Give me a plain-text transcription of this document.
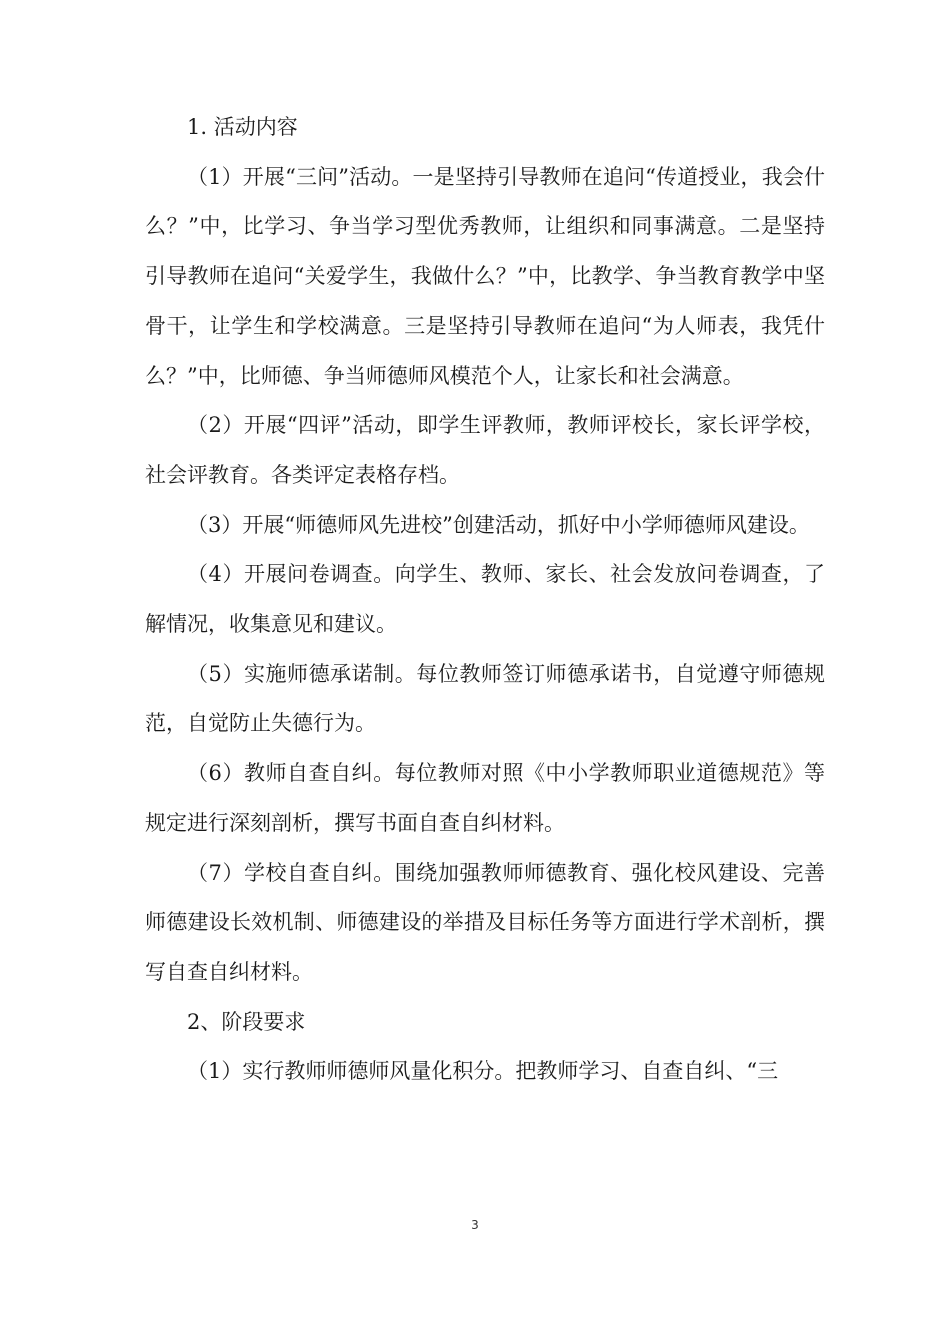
1. 活动内容

（1）开展“三问”活动。一是坚持引导教师在追问“传道授业，我会什么？”中，比学习、争当学习型优秀教师，让组织和同事满意。二是坚持引导教师在追问“关爱学生，我做什么？”中，比教学、争当教育教学中坚骨干，让学生和学校满意。三是坚持引导教师在追问“为人师表，我凭什么？”中，比师德、争当师德师风模范个人，让家长和社会满意。

（2）开展“四评”活动，即学生评教师，教师评校长，家长评学校，社会评教育。各类评定表格存档。

（3）开展“师德师风先进校”创建活动，抓好中小学师德师风建设。

（4）开展问卷调查。向学生、教师、家长、社会发放问卷调查，了解情况，收集意见和建议。

（5）实施师德承诺制。每位教师签订师德承诺书，自觉遵守师德规范，自觉防止失德行为。

（6）教师自查自纠。每位教师对照《中小学教师职业道德规范》等规定进行深刻剖析，撰写书面自查自纠材料。

（7）学校自查自纠。围绕加强教师师德教育、强化校风建设、完善师德建设长效机制、师德建设的举措及目标任务等方面进行学术剖析，撰写自查自纠材料。

2、阶段要求

（1）实行教师师德师风量化积分。把教师学习、自查自纠、“三

3
